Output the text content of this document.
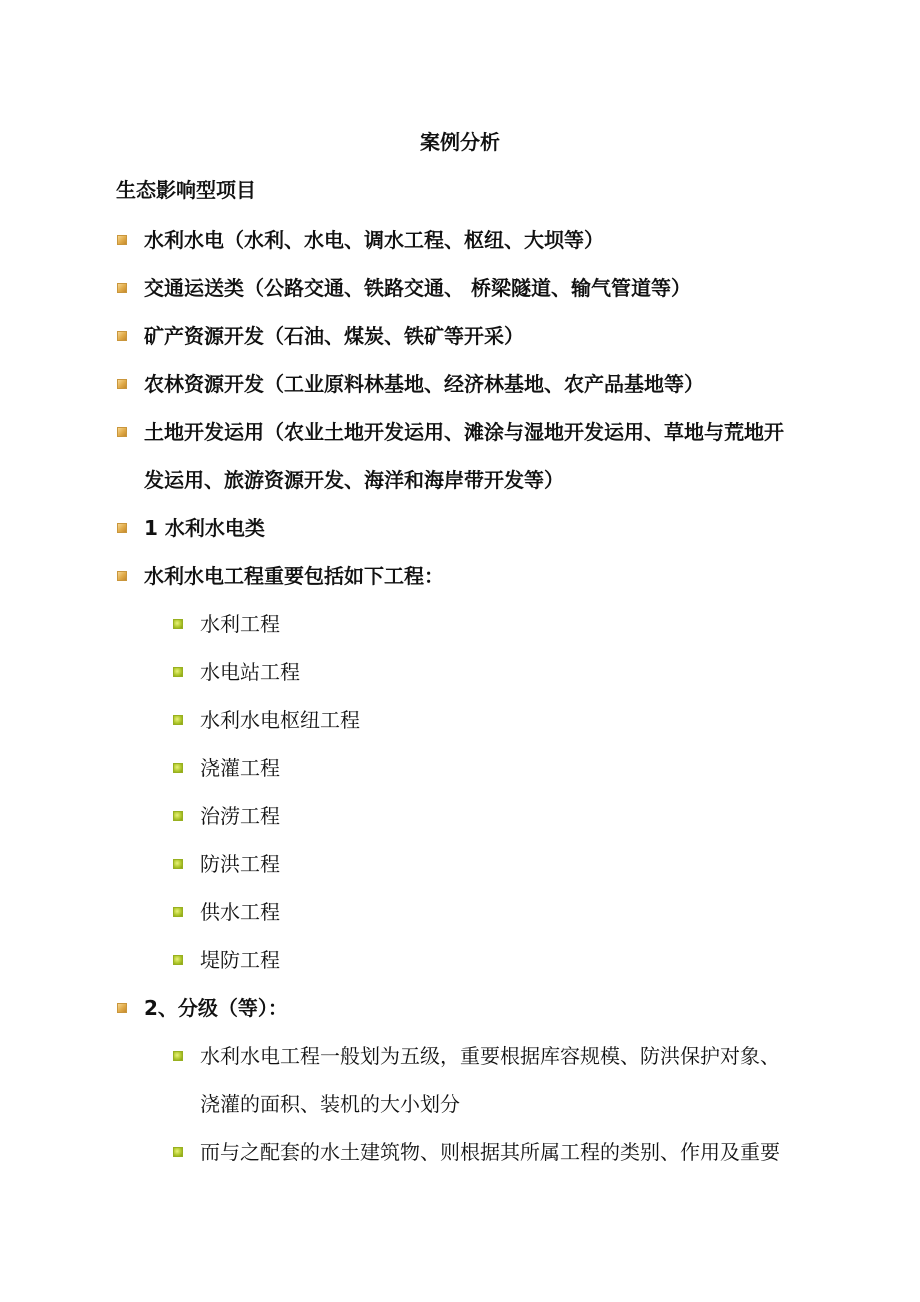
案例分析
生态影响型项目
水利水电（水利、水电、调水工程、枢纽、大坝等）
交通运送类（公路交通、铁路交通、 桥梁隧道、输气管道等）
矿产资源开发（石油、煤炭、铁矿等开采）
农林资源开发（工业原料林基地、经济林基地、农产品基地等）
土地开发运用（农业土地开发运用、滩涂与湿地开发运用、草地与荒地开
发运用、旅游资源开发、海洋和海岸带开发等）
1 水利水电类
水利水电工程重要包括如下工程：
水利工程
水电站工程
水利水电枢纽工程
浇灌工程
治涝工程
防洪工程
供水工程
堤防工程
2、分级（等）：
水利水电工程一般划为五级，重要根据库容规模、防洪保护对象、
浇灌的面积、装机的大小划分
而与之配套的水土建筑物、则根据其所属工程的类别、作用及重要
